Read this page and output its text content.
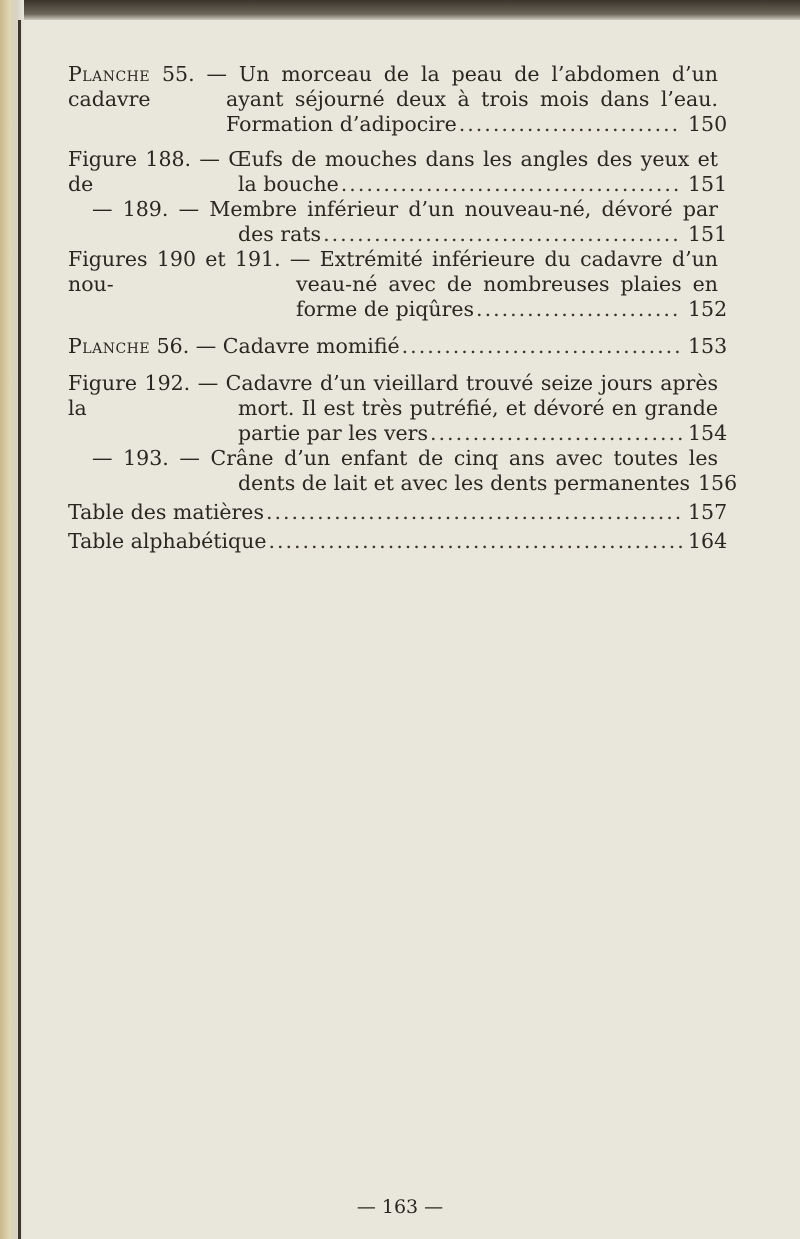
Planche 55. — Un morceau de la peau de l’abdomen d’un cadavre	ayant séjourné deux à trois mois dans l’eau.
Formation d’adipocire .....	150
Figure 188. — Œufs de mouches dans les angles des yeux et de	la bouche .....	151
— 189. — Membre inférieur d’un nouveau-né, dévoré par
des rats .....	151
Figures 190 et 191. — Extrémité inférieure du cadavre d’un nou-	veau-né avec de nombreuses plaies en
forme de piqûres .....	152
Planche 56. — Cadavre momifié .....	153
Figure 192. — Cadavre d’un vieillard trouvé seize jours après la	mort. Il est très putréfié, et dévoré en grande
partie par les vers .....	154
— 193. — Crâne d’un enfant de cinq ans avec toutes les
dents de lait et avec les dents permanentes 156
Table des matières .....	157
Table alphabétique .....	164
— 163 —
